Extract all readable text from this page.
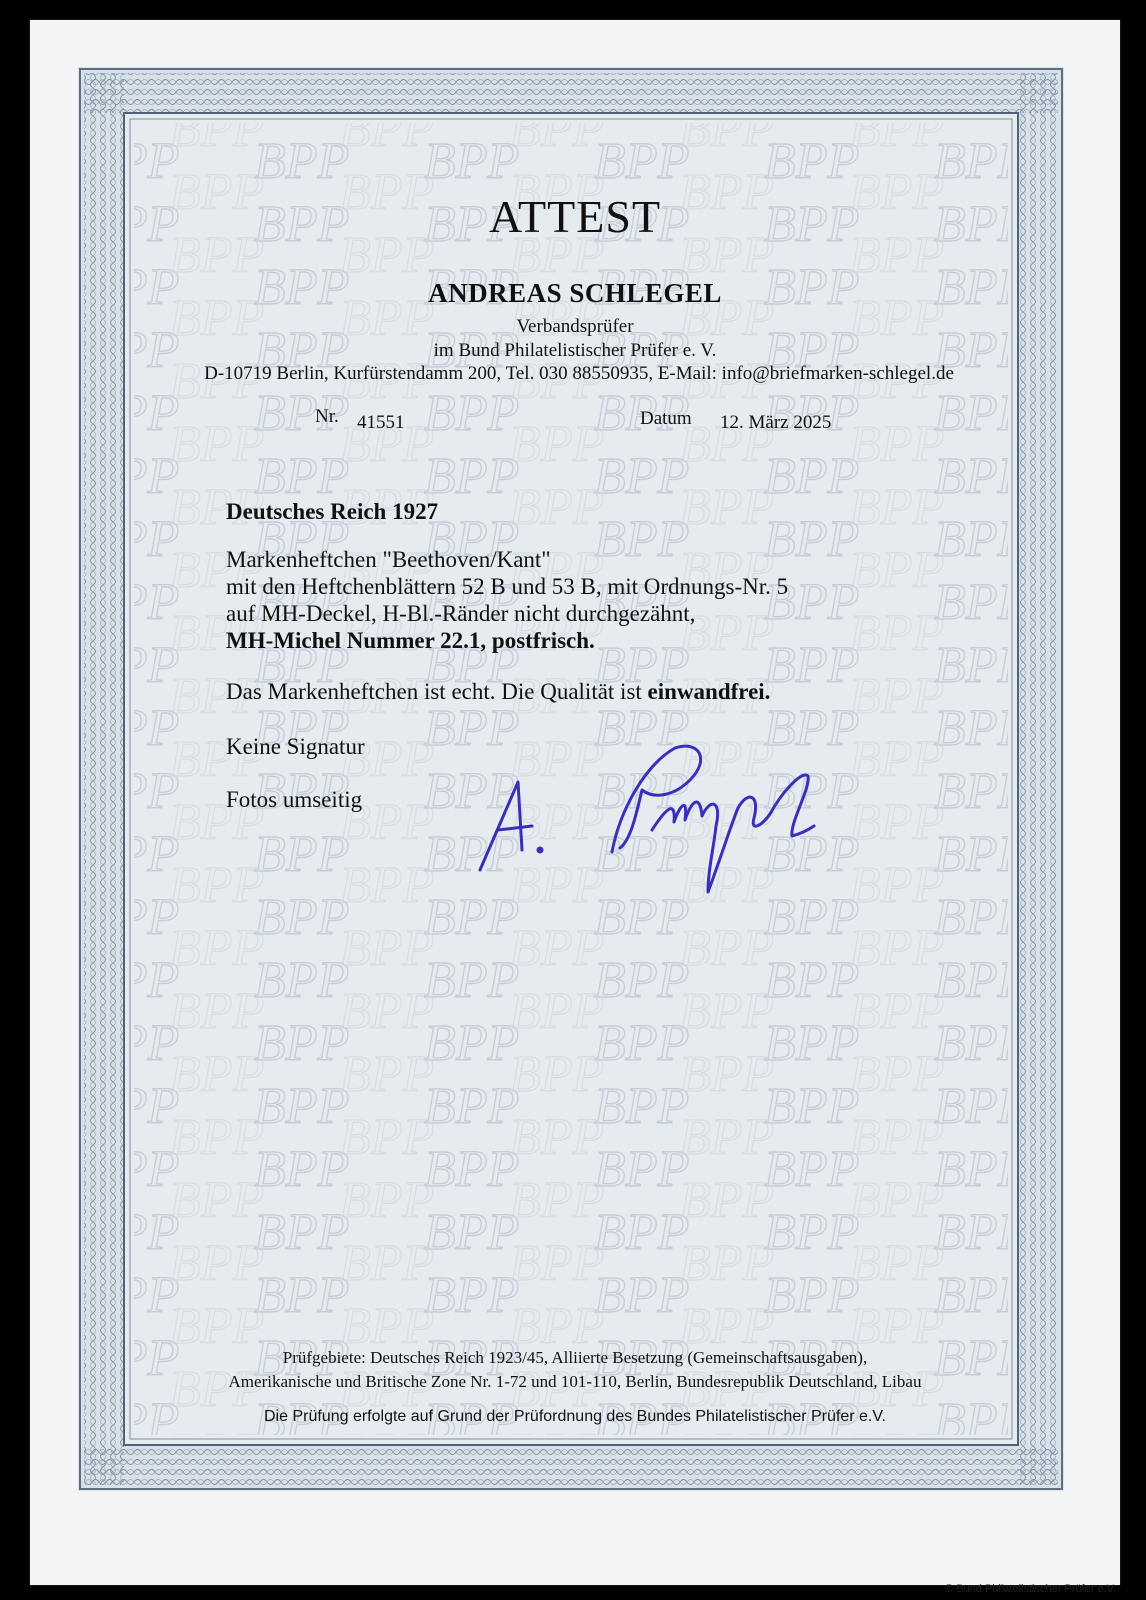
ATTEST
ANDREAS SCHLEGEL
Verbandsprüfer
im Bund Philatelistischer Prüfer e. V.
D-10719 Berlin, Kurfürstendamm 200, Tel. 030 88550935, E-Mail: info@briefmarken-schlegel.de
Nr. 41551	Datum 12. März 2025
Deutsches Reich 1927
Markenheftchen "Beethoven/Kant"
mit den Heftchenblättern 52 B und 53 B, mit Ordnungs-Nr. 5
auf MH-Deckel, H-Bl.-Ränder nicht durchgezähnt,
MH-Michel Nummer 22.1, postfrisch.
Das Markenheftchen ist echt. Die Qualität ist einwandfrei.
Keine Signatur
Fotos umseitig
Prüfgebiete: Deutsches Reich 1923/45, Alliierte Besetzung (Gemeinschaftsausgaben),
Amerikanische und Britische Zone Nr. 1-72 und 101-110, Berlin, Bundesrepublik Deutschland, Libau
Die Prüfung erfolgte auf Grund der Prüfordnung des Bundes Philatelistischer Prüfer e.V.
© Bund Philatelistischer Prüfer e.V.
